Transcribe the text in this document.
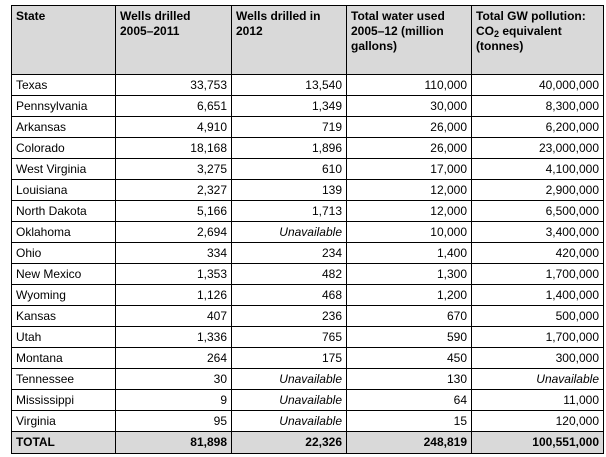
State	Wells drilled 2005–2011	Wells drilled in 2012	Total water used 2005–12 (million gallons)	Total GW pollution:
$CO_2$ equivalent
(tonnes)
Texas	33,753	13,540	110,000	40,000,000
Pennsylvania	6,651	1,349	30,000	8,300,000
Arkansas	4,910	719	26,000	6,200,000
Colorado	18,168	1,896	26,000	23,000,000
West Virginia	3,275	610	17,000	4,100,000
Louisiana	2,327	139	12,000	2,900,000
North Dakota	5,166	1,713	12,000	6,500,000
Oklahoma	2,694	Unavailable	10,000	3,400,000
Ohio	334	234	1,400	420,000
New Mexico	1,353	482	1,300	1,700,000
Wyoming	1,126	468	1,200	1,400,000
Kansas	407	236	670	500,000
Utah	1,336	765	590	1,700,000
Montana	264	175	450	300,000
Tennessee	30	Unavailable	130	Unavailable
Mississippi	9	Unavailable	64	11,000
Virginia	95	Unavailable	15	120,000
TOTAL	81,898	22,326	248,819	100,551,000
